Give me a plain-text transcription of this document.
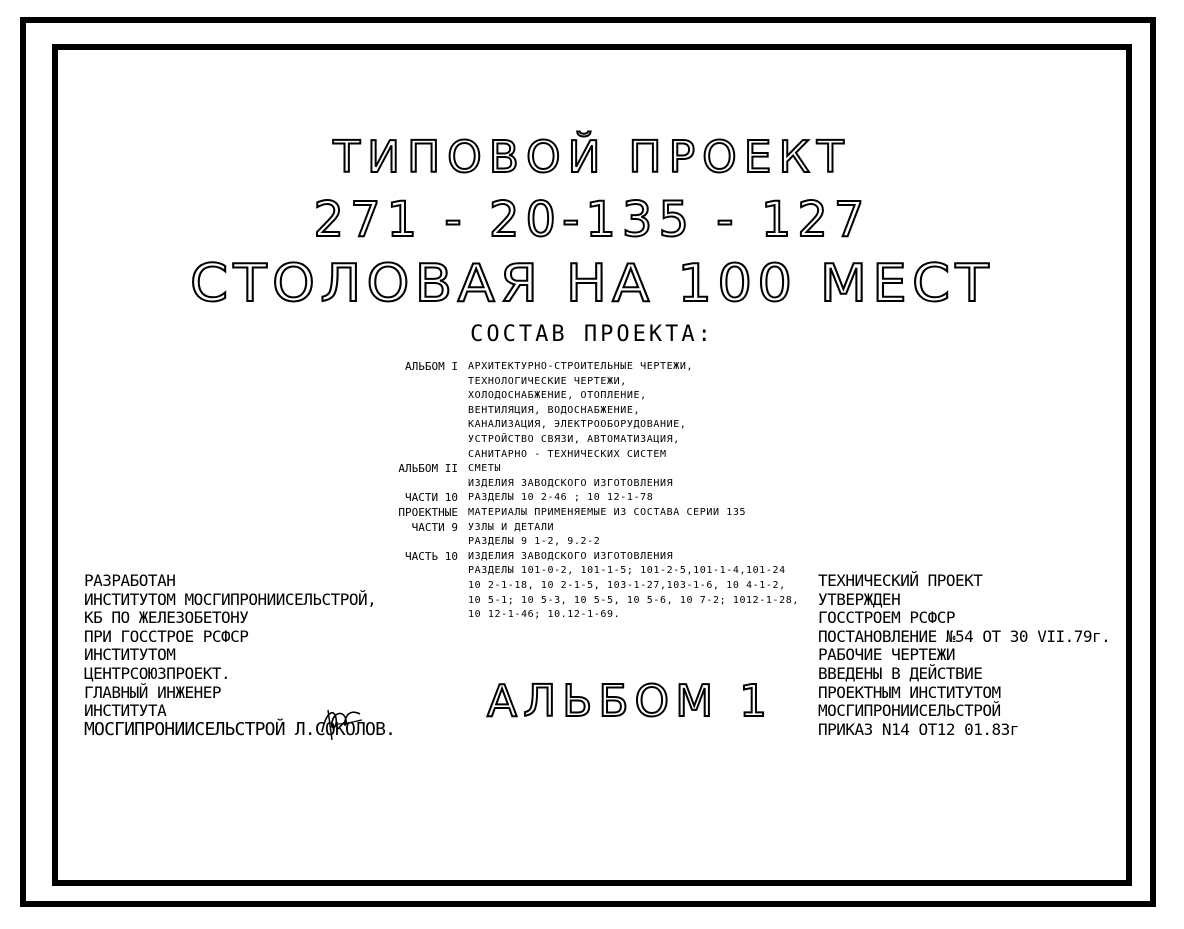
ТИПОВОЙ ПРОЕКТ
271 - 20-135 - 127
СТОЛОВАЯ НА 100 МЕСТ
СОСТАВ ПРОЕКТА:
АЛЬБОМ I	АРХИТЕКТУРНО-СТРОИТЕЛЬНЫЕ ЧЕРТЕЖИ,
ТЕХНОЛОГИЧЕСКИЕ ЧЕРТЕЖИ,
ХОЛОДОСНАБЖЕНИЕ, ОТОПЛЕНИЕ,
ВЕНТИЛЯЦИЯ, ВОДОСНАБЖЕНИЕ,
КАНАЛИЗАЦИЯ, ЭЛЕКТРООБОРУДОВАНИЕ,
УСТРОЙСТВО СВЯЗИ, АВТОМАТИЗАЦИЯ,
САНИТАРНО - ТЕХНИЧЕСКИХ СИСТЕМ
АЛЬБОМ II	СМЕТЫ
ИЗДЕЛИЯ ЗАВОДСКОГО ИЗГОТОВЛЕНИЯ
ЧАСТИ 10	РАЗДЕЛЫ 10 2-46 ; 10 12-1-78
ПРОЕКТНЫЕ	МАТЕРИАЛЫ ПРИМЕНЯЕМЫЕ ИЗ СОСТАВА СЕРИИ 135
ЧАСТИ 9	УЗЛЫ И ДЕТАЛИ
РАЗДЕЛЫ 9 1-2, 9.2-2
ЧАСТЬ 10	ИЗДЕЛИЯ ЗАВОДСКОГО ИЗГОТОВЛЕНИЯ
РАЗДЕЛЫ 101-0-2, 101-1-5; 101-2-5,101-1-4,101-24
10 2-1-18, 10 2-1-5, 103-1-27,103-1-6, 10 4-1-2,
10 5-1; 10 5-3, 10 5-5, 10 5-6, 10 7-2; 1012-1-28,
10 12-1-46; 10.12-1-69.
РАЗРАБОТАН
ИНСТИТУТОМ МОСГИПРОНИИСЕЛЬСТРОЙ,
КБ ПО ЖЕЛЕЗОБЕТОНУ
ПРИ ГОССТРОЕ РСФСР
ИНСТИТУТОМ
ЦЕНТРСОЮЗПРОЕКТ.
ГЛАВНЫЙ ИНЖЕНЕР
ИНСТИТУТА
МОСГИПРОНИИСЕЛЬСТРОЙ Л.СОКОЛОВ.
АЛЬБОМ 1
ТЕХНИЧЕСКИЙ ПРОЕКТ
УТВЕРЖДЕН
ГОССТРОЕМ РСФСР
ПОСТАНОВЛЕНИЕ №54 ОТ 30 VII.79г.
РАБОЧИЕ ЧЕРТЕЖИ
ВВЕДЕНЫ В ДЕЙСТВИЕ
ПРОЕКТНЫМ ИНСТИТУТОМ
МОСГИПРОНИИСЕЛЬСТРОЙ
ПРИКАЗ N14 ОТ12 01.83г
